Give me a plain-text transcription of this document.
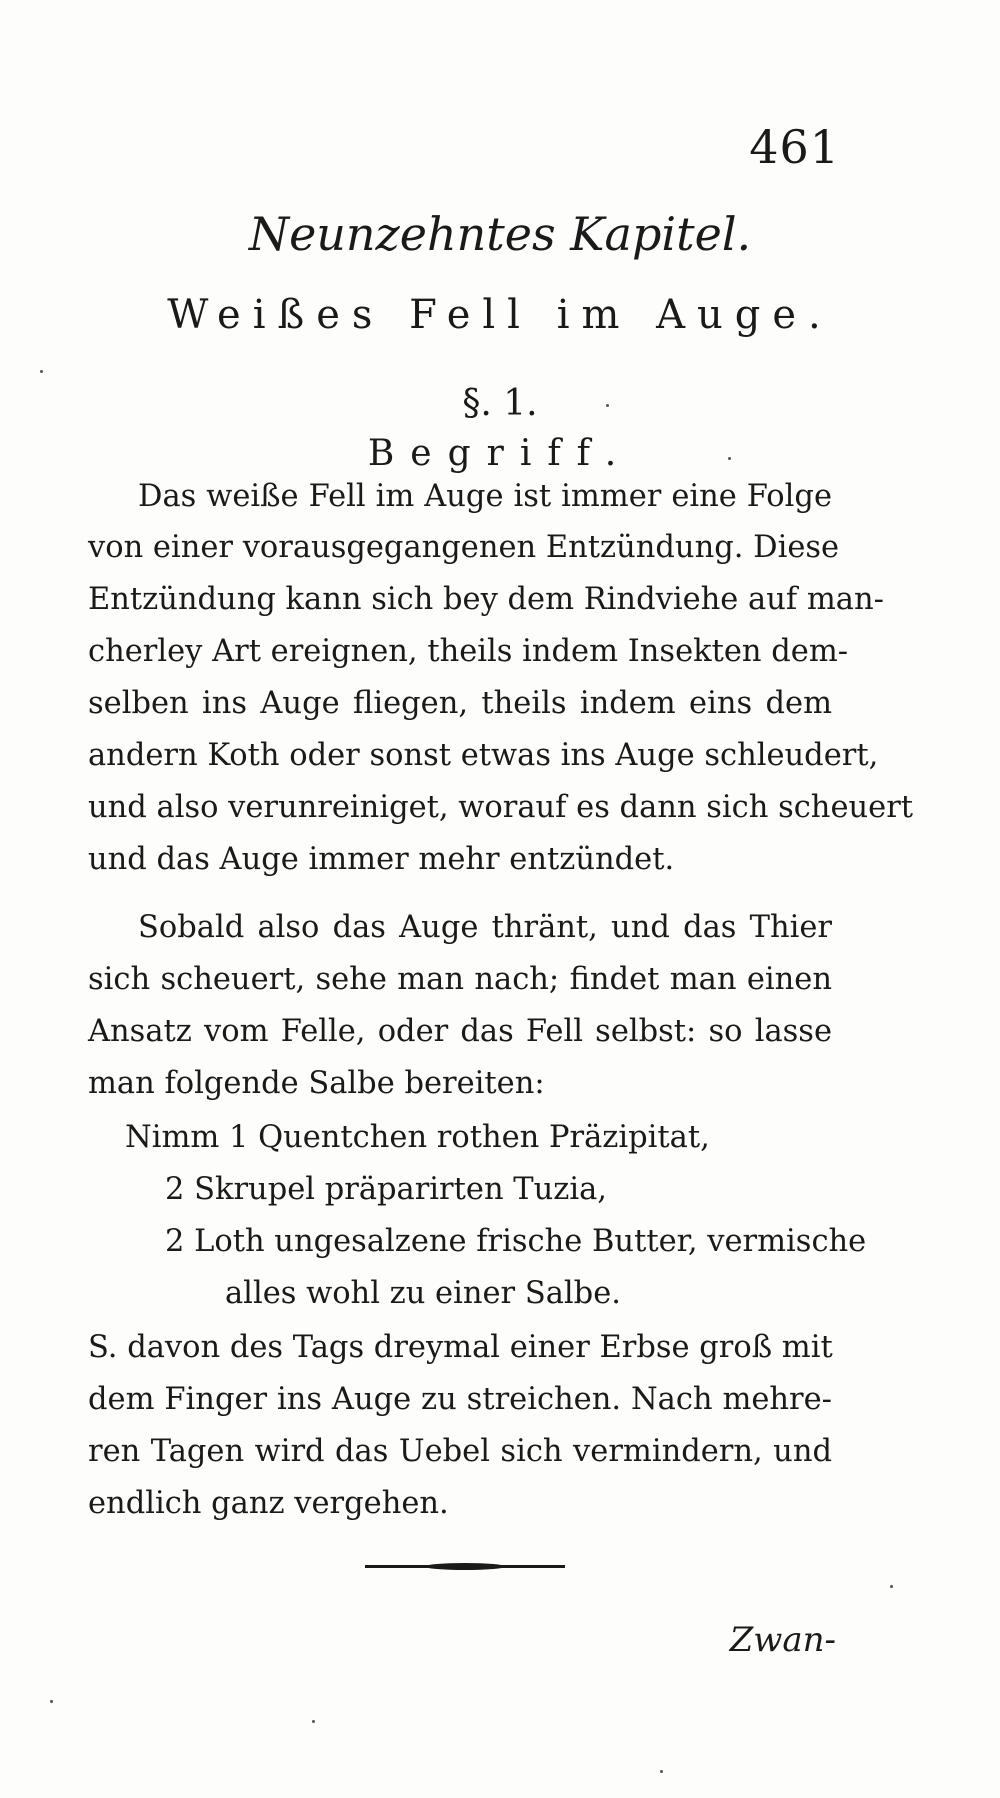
461
Neunzehntes Kapitel.
Weißes Fell im Auge.
§. 1.
Begriff.
Das weiße Fell im Auge ist immer eine Folge
von einer vorausgegangenen Entzündung. Diese
Entzündung kann sich bey dem Rindviehe auf man-
cherley Art ereignen, theils indem Insekten dem-
selben ins Auge fliegen, theils indem eins dem
andern Koth oder sonst etwas ins Auge schleudert,
und also verunreiniget, worauf es dann sich scheuert
und das Auge immer mehr entzündet.
Sobald also das Auge thränt, und das Thier
sich scheuert, sehe man nach; findet man einen
Ansatz vom Felle, oder das Fell selbst: so lasse
man folgende Salbe bereiten:
Nimm 1 Quentchen rothen Präzipitat,
2 Skrupel präparirten Tuzia,
2 Loth ungesalzene frische Butter, vermische
alles wohl zu einer Salbe.
S. davon des Tags dreymal einer Erbse groß mit
dem Finger ins Auge zu streichen. Nach mehre-
ren Tagen wird das Uebel sich vermindern, und
endlich ganz vergehen.
Zwan-
